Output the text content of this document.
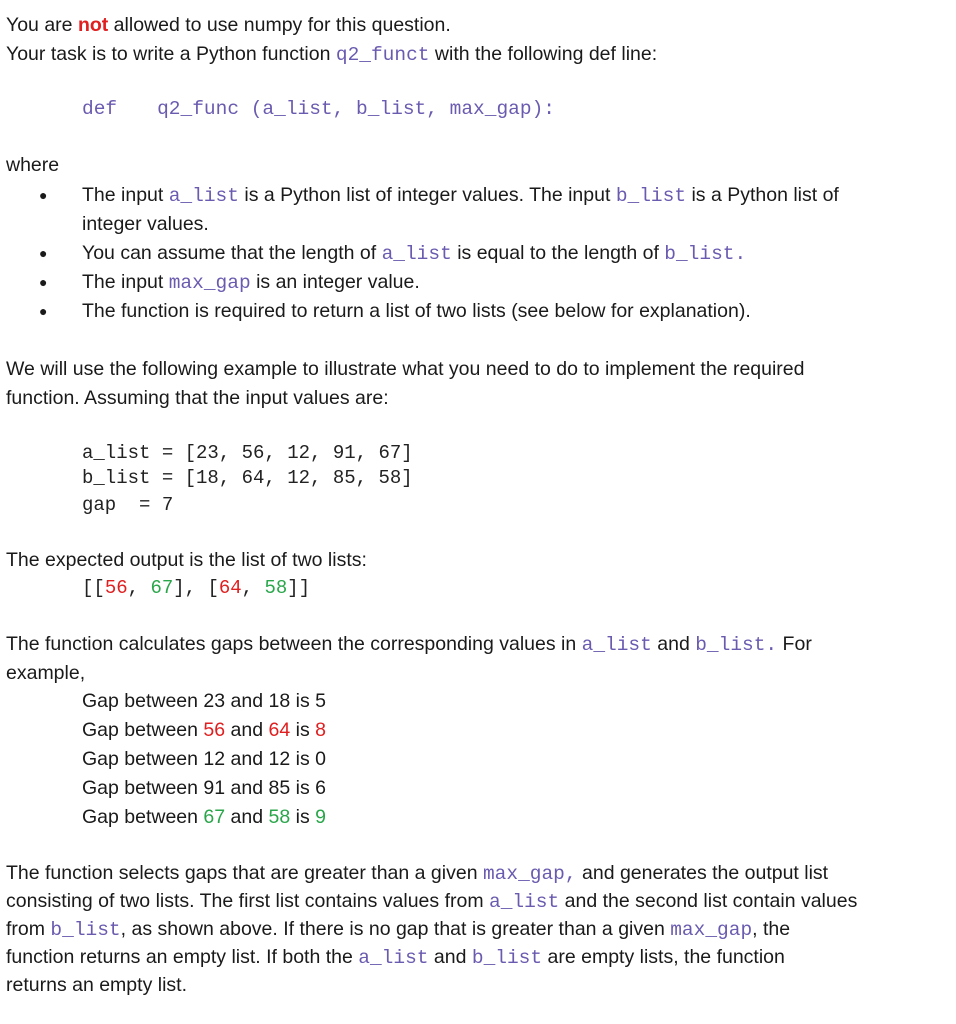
You are not allowed to use numpy for this question.
Your task is to write a Python function q2_funct with the following def line:
def q2_func (a_list, b_list, max_gap):
where
● The input a_list is a Python list of integer values. The input b_list is a Python list of
integer values.
● You can assume that the length of a_list is equal to the length of b_list.
● The input max_gap is an integer value.
● The function is required to return a list of two lists (see below for explanation).
We will use the following example to illustrate what you need to do to implement the required
function. Assuming that the input values are:
a_list = [23, 56, 12, 91, 67]
b_list = [18, 64, 12, 85, 58]
gap  = 7
The expected output is the list of two lists:
[[56, 67], [64, 58]]
The function calculates gaps between the corresponding values in a_list and b_list. For
example,
Gap between 23 and 18 is 5
Gap between 56 and 64 is 8
Gap between 12 and 12 is 0
Gap between 91 and 85 is 6
Gap between 67 and 58 is 9
The function selects gaps that are greater than a given max_gap, and generates the output list
consisting of two lists. The first list contains values from a_list and the second list contain values
from b_list, as shown above. If there is no gap that is greater than a given max_gap, the
function returns an empty list. If both the a_list and b_list are empty lists, the function
returns an empty list.
